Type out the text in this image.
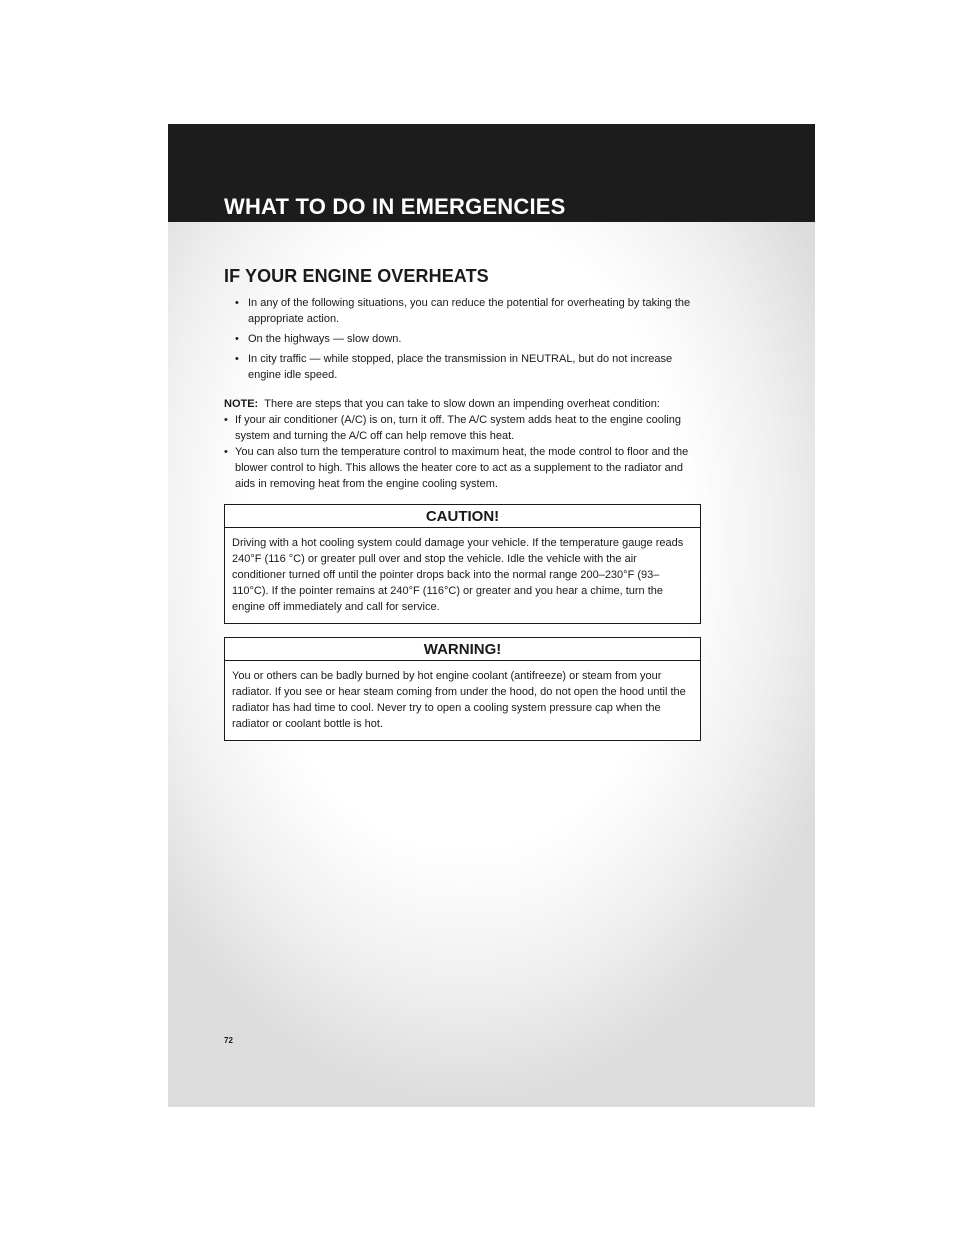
WHAT TO DO IN EMERGENCIES
IF YOUR ENGINE OVERHEATS
• In any of the following situations, you can reduce the potential for overheating by taking the appropriate action.
• On the highways — slow down.
• In city traffic — while stopped, place the transmission in NEUTRAL, but do not increase engine idle speed.

NOTE: There are steps that you can take to slow down an impending overheat condition:

• If your air conditioner (A/C) is on, turn it off. The A/C system adds heat to the engine cooling system and turning the A/C off can help remove this heat.
• You can also turn the temperature control to maximum heat, the mode control to floor and the blower control to high. This allows the heater core to act as a supplement to the radiator and aids in removing heat from the engine cooling system.
CAUTION!
Driving with a hot cooling system could damage your vehicle. If the temperature gauge reads 240°F (116 °C) or greater pull over and stop the vehicle. Idle the vehicle with the air conditioner turned off until the pointer drops back into the normal range 200–230°F (93–110°C). If the pointer remains at 240°F (116°C) or greater and you hear a chime, turn the engine off immediately and call for service.
WARNING!
You or others can be badly burned by hot engine coolant (antifreeze) or steam from your radiator. If you see or hear steam coming from under the hood, do not open the hood until the radiator has had time to cool. Never try to open a cooling system pressure cap when the radiator or coolant bottle is hot.
72
